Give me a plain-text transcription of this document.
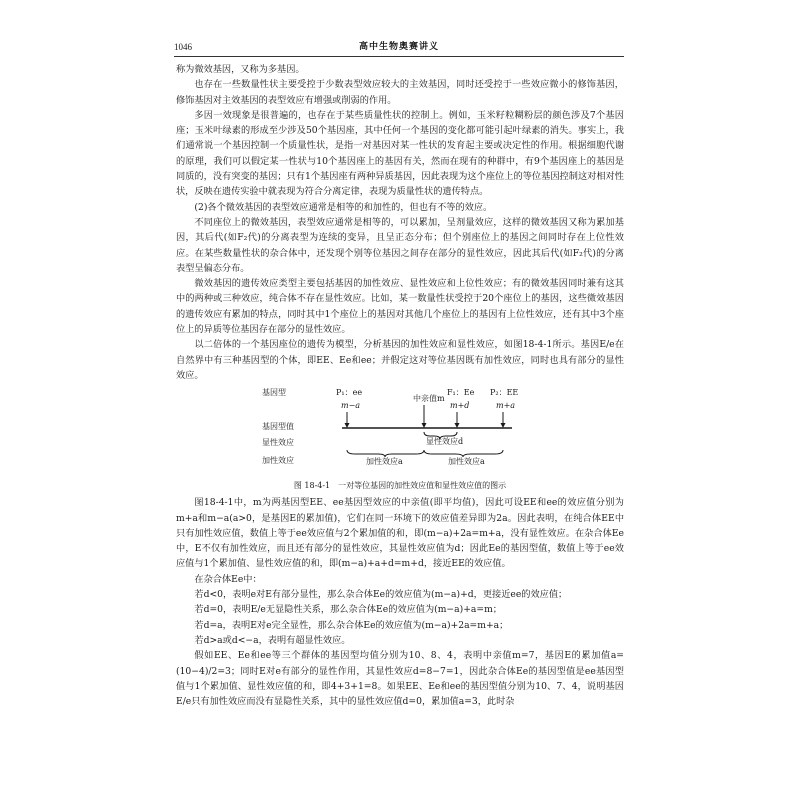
1046	高中生物奥赛讲义

称为微效基因，又称为多基因。

也存在一些数量性状主要受控于少数表型效应较大的主效基因，同时还受控于一些效应微小的修饰基因，修饰基因对主效基因的表型效应有增强或削弱的作用。

多因一效现象是很普遍的，也存在于某些质量性状的控制上。例如，玉米籽粒糊粉层的颜色涉及7个基因座；玉米叶绿素的形成至少涉及50个基因座，其中任何一个基因的变化都可能引起叶绿素的消失。事实上，我们通常说一个基因控制一个质量性状，是指一对基因对某一性状的发育起主要或决定性的作用。根据细胞代谢的原理，我们可以假定某一性状与10个基因座上的基因有关，然而在现有的种群中，有9个基因座上的基因是同质的，没有突变的基因；只有1个基因座有两种异质基因，因此表现为这个座位上的等位基因控制这对相对性状，反映在遗传实验中就表现为符合分离定律，表现为质量性状的遗传特点。

(2)各个微效基因的表型效应通常是相等的和加性的，但也有不等的效应。

不同座位上的微效基因，表型效应通常是相等的，可以累加，呈剂量效应，这样的微效基因又称为累加基因，其后代(如F₂代)的分离表型为连续的变异，且呈正态分布；但个别座位上的基因之间同时存在上位性效应。在某些数量性状的杂合体中，还发现个别等位基因之间存在部分的显性效应，因此其后代(如F₂代)的分离表型呈偏态分布。

微效基因的遗传效应类型主要包括基因的加性效应、显性效应和上位性效应；有的微效基因同时兼有这其中的两种或三种效应，纯合体不存在显性效应。比如，某一数量性状受控于20个座位上的基因，这些微效基因的遗传效应有累加的特点，同时其中1个座位上的基因对其他几个座位上的基因有上位性效应，还有其中3个座位上的异质等位基因存在部分的显性效应。

以二倍体的一个基因座位的遗传为模型，分析基因的加性效应和显性效应，如图18-4-1所示。基因E/e在自然界中有三种基因型的个体，即EE、Ee和ee；并假定这对等位基因既有加性效应，同时也具有部分的显性效应。

基因型
基因型值
显性效应
加性效应
P₁：ee
m−a
中亲值m
F₁：Ee
m+d
P₂：EE
m+a
显性效应d
加性效应a	加性效应a
图 18-4-1　一对等位基因的加性效应值和显性效应值的图示

图18-4-1中，m为两基因型EE、ee基因型效应的中亲值(即平均值)，因此可设EE和ee的效应值分别为m+a和m−a(a>0，是基因E的累加值)，它们在同一环境下的效应值差异即为2a。因此表明，在纯合体EE中只有加性效应值，数值上等于ee效应值与2个累加值的和，即(m−a)+2a=m+a，没有显性效应。在杂合体Ee中，E不仅有加性效应，而且还有部分的显性效应，其显性效应值为d；因此Ee的基因型值，数值上等于ee效应值与1个累加值、显性效应值的和，即(m−a)+a+d=m+d，接近EE的效应值。

在杂合体Ee中：

若d<0，表明e对E有部分显性，那么杂合体Ee的效应值为(m−a)+d，更接近ee的效应值；

若d=0，表明E/e无显隐性关系，那么杂合体Ee的效应值为(m−a)+a=m；

若d=a，表明E对e完全显性，那么杂合体Ee的效应值为(m−a)+2a=m+a；

若d>a或d<−a，表明有超显性效应。

假如EE、Ee和ee等三个群体的基因型均值分别为10、8、4，表明中亲值m=7，基因E的累加值a=(10−4)/2=3；同时E对e有部分的显性作用，其显性效应d=8−7=1，因此杂合体Ee的基因型值是ee基因型值与1个累加值、显性效应值的和，即4+3+1=8。如果EE、Ee和ee的基因型值分别为10、7、4，说明基因E/e只有加性效应而没有显隐性关系，其中的显性效应值d=0，累加值a=3，此时杂
